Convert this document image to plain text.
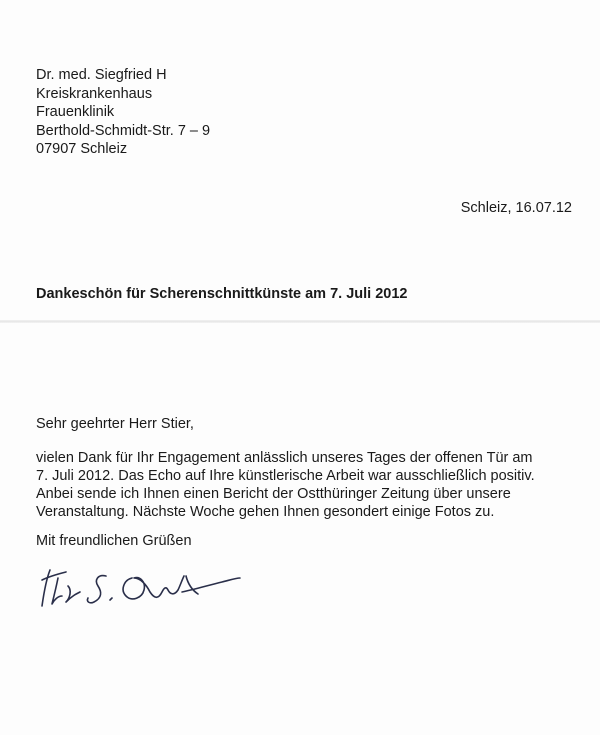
Dr. med. Siegfried H
Kreiskrankenhaus
Frauenklinik
Berthold-Schmidt-Str. 7 – 9
07907 Schleiz
Schleiz, 16.07.12
Dankeschön für Scherenschnittkünste am 7. Juli 2012
Sehr geehrter Herr Stier,
vielen Dank für Ihr Engagement anlässlich unseres Tages der offenen Tür am
7. Juli 2012. Das Echo auf Ihre künstlerische Arbeit war ausschließlich positiv.
Anbei sende ich Ihnen einen Bericht der Ostthüringer Zeitung über unsere
Veranstaltung. Nächste Woche gehen Ihnen gesondert einige Fotos zu.
Mit freundlichen Grüßen
